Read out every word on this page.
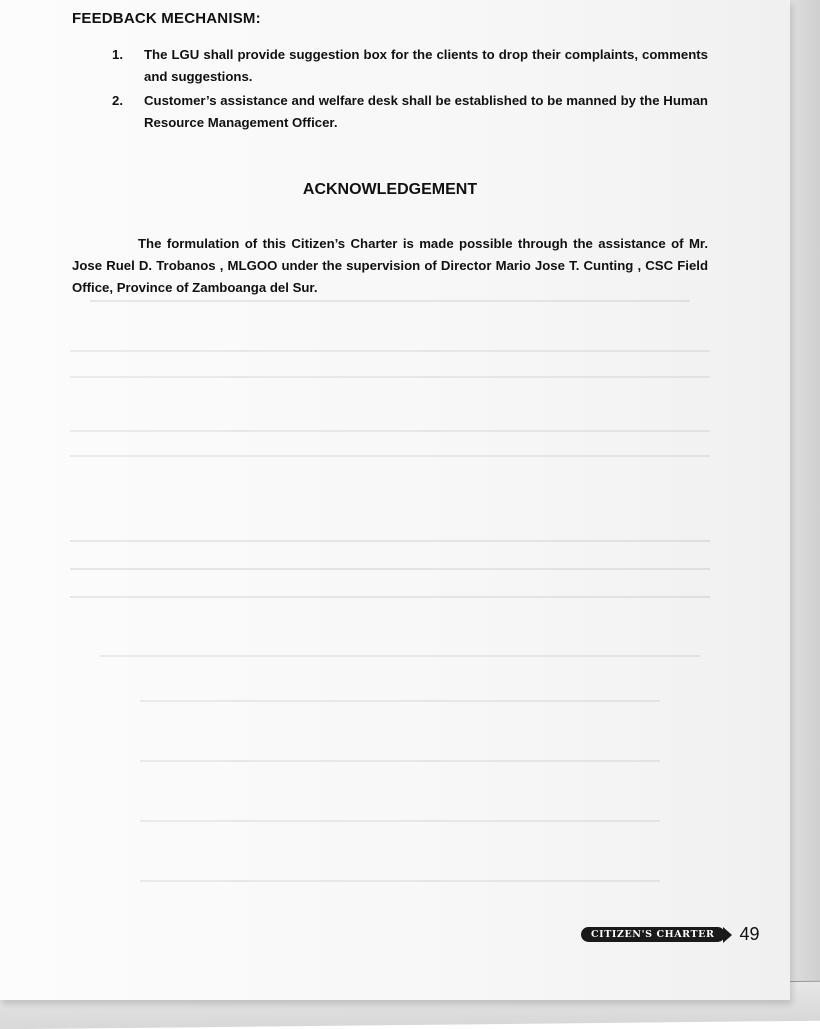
FEEDBACK MECHANISM:
1.	The LGU shall provide suggestion box for the clients to drop their complaints, comments and suggestions.
2.	Customer’s assistance and welfare desk shall be established to be manned by the Human Resource Management Officer.
ACKNOWLEDGEMENT
The formulation of this Citizen’s Charter is made possible through the assistance of Mr. Jose Ruel D. Trobanos , MLGOO under the supervision of Director Mario Jose T. Cunting , CSC Field Office, Province of Zamboanga del Sur.
CITIZEN'S CHARTER	49
